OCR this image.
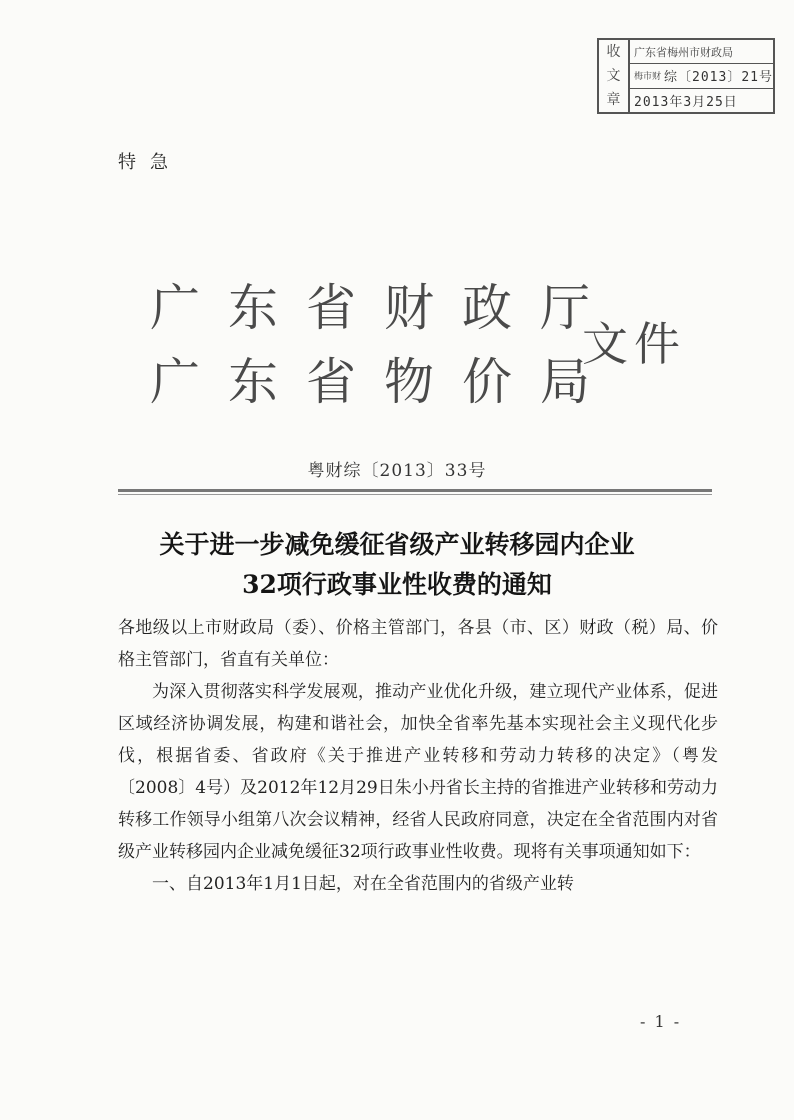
收
文
章
广东省梅州市财政局
梅市财 综〔2013〕21号
2013年3月25日
特急
广东省财政厅
广东省物价局
文件
粤财综〔2013〕33号
关于进一步减免缓征省级产业转移园内企业
32项行政事业性收费的通知

各地级以上市财政局（委）、价格主管部门，各县（市、区）财政（税）局、价格主管部门，省直有关单位：

为深入贯彻落实科学发展观，推动产业优化升级，建立现代产业体系，促进区域经济协调发展，构建和谐社会，加快全省率先基本实现社会主义现代化步伐，根据省委、省政府《关于推进产业转移和劳动力转移的决定》（粤发〔2008〕4号）及2012年12月29日朱小丹省长主持的省推进产业转移和劳动力转移工作领导小组第八次会议精神，经省人民政府同意，决定在全省范围内对省级产业转移园内企业减免缓征32项行政事业性收费。现将有关事项通知如下：

一、自2013年1月1日起，对在全省范围内的省级产业转

- 1 -
